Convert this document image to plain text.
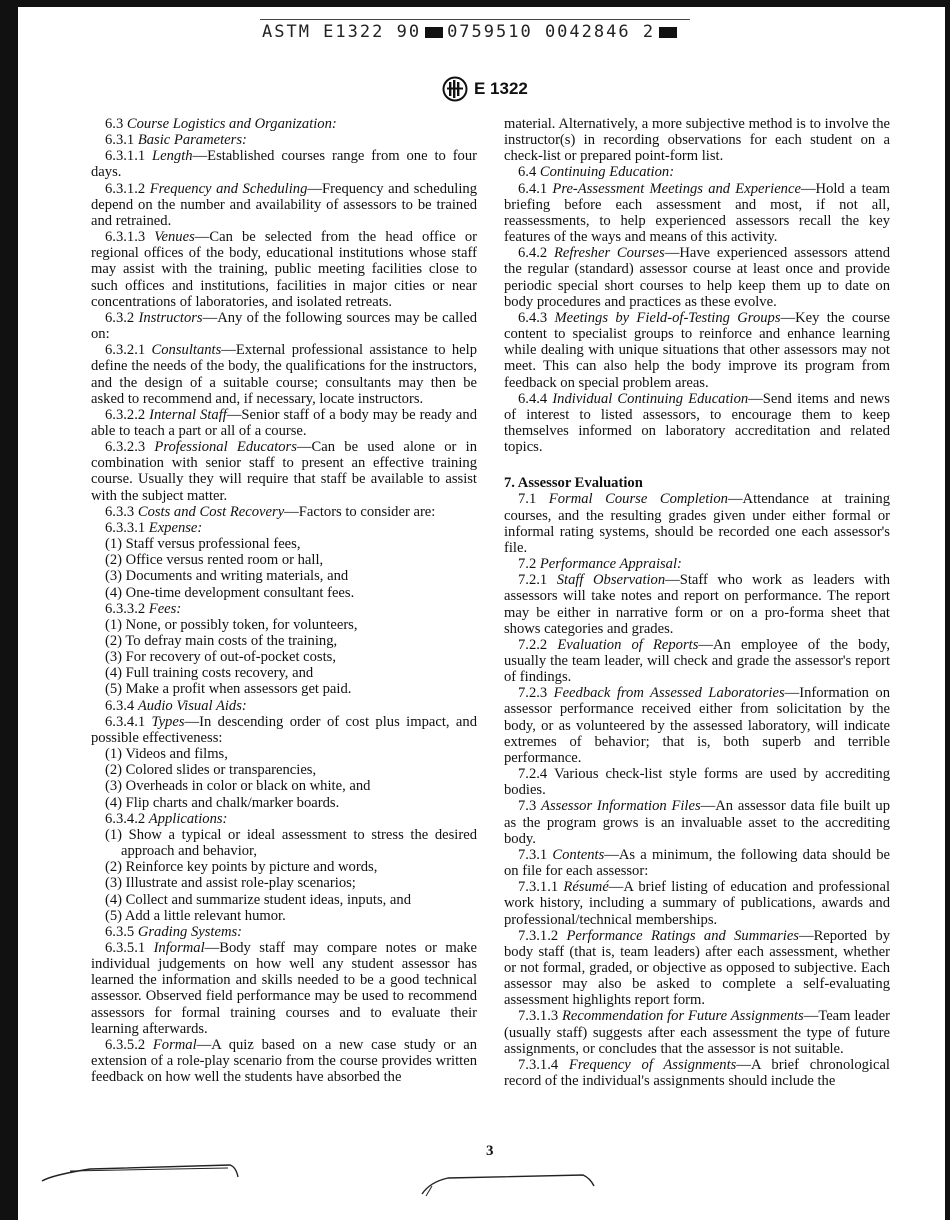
ASTM E1322 90 0759510 0042846 2
E 1322

6.3 Course Logistics and Organization:

6.3.1 Basic Parameters:

6.3.1.1 Length—Established courses range from one to four days.

6.3.1.2 Frequency and Scheduling—Frequency and scheduling depend on the number and availability of assessors to be trained and retrained.

6.3.1.3 Venues—Can be selected from the head office or regional offices of the body, educational institutions whose staff may assist with the training, public meeting facilities close to such offices and institutions, facilities in major cities or near concentrations of laboratories, and isolated retreats.

6.3.2 Instructors—Any of the following sources may be called on:

6.3.2.1 Consultants—External professional assistance to help define the needs of the body, the qualifications for the instructors, and the design of a suitable course; consultants may then be asked to recommend and, if necessary, locate instructors.

6.3.2.2 Internal Staff—Senior staff of a body may be ready and able to teach a part or all of a course.

6.3.2.3 Professional Educators—Can be used alone or in combination with senior staff to present an effective training course. Usually they will require that staff be available to assist with the subject matter.

6.3.3 Costs and Cost Recovery—Factors to consider are:

6.3.3.1 Expense:

(1) Staff versus professional fees,

(2) Office versus rented room or hall,

(3) Documents and writing materials, and

(4) One-time development consultant fees.

6.3.3.2 Fees:

(1) None, or possibly token, for volunteers,

(2) To defray main costs of the training,

(3) For recovery of out-of-pocket costs,

(4) Full training costs recovery, and

(5) Make a profit when assessors get paid.

6.3.4 Audio Visual Aids:

6.3.4.1 Types—In descending order of cost plus impact, and possible effectiveness:

(1) Videos and films,

(2) Colored slides or transparencies,

(3) Overheads in color or black on white, and

(4) Flip charts and chalk/marker boards.

6.3.4.2 Applications:

(1) Show a typical or ideal assessment to stress the desired approach and behavior,

(2) Reinforce key points by picture and words,

(3) Illustrate and assist role-play scenarios;

(4) Collect and summarize student ideas, inputs, and

(5) Add a little relevant humor.

6.3.5 Grading Systems:

6.3.5.1 Informal—Body staff may compare notes or make individual judgements on how well any student assessor has learned the information and skills needed to be a good technical assessor. Observed field performance may be used to recommend assessors for formal training courses and to evaluate their learning afterwards.

6.3.5.2 Formal—A quiz based on a new case study or an extension of a role-play scenario from the course provides written feedback on how well the students have absorbed the

material. Alternatively, a more subjective method is to involve the instructor(s) in recording observations for each student on a check-list or prepared point-form list.

6.4 Continuing Education:

6.4.1 Pre-Assessment Meetings and Experience—Hold a team briefing before each assessment and most, if not all, reassessments, to help experienced assessors recall the key features of the ways and means of this activity.

6.4.2 Refresher Courses—Have experienced assessors attend the regular (standard) assessor course at least once and provide periodic special short courses to help keep them up to date on body procedures and practices as these evolve.

6.4.3 Meetings by Field-of-Testing Groups—Key the course content to specialist groups to reinforce and enhance learning while dealing with unique situations that other assessors may not meet. This can also help the body improve its program from feedback on special problem areas.

6.4.4 Individual Continuing Education—Send items and news of interest to listed assessors, to encourage them to keep themselves informed on laboratory accreditation and related topics.

7. Assessor Evaluation

7.1 Formal Course Completion—Attendance at training courses, and the resulting grades given under either formal or informal rating systems, should be recorded one each assessor's file.

7.2 Performance Appraisal:

7.2.1 Staff Observation—Staff who work as leaders with assessors will take notes and report on performance. The report may be either in narrative form or on a pro-forma sheet that shows categories and grades.

7.2.2 Evaluation of Reports—An employee of the body, usually the team leader, will check and grade the assessor's report of findings.

7.2.3 Feedback from Assessed Laboratories—Information on assessor performance received either from solicitation by the body, or as volunteered by the assessed laboratory, will indicate extremes of behavior; that is, both superb and terrible performance.

7.2.4 Various check-list style forms are used by accrediting bodies.

7.3 Assessor Information Files—An assessor data file built up as the program grows is an invaluable asset to the accrediting body.

7.3.1 Contents—As a minimum, the following data should be on file for each assessor:

7.3.1.1 Résumé—A brief listing of education and professional work history, including a summary of publications, awards and professional/technical memberships.

7.3.1.2 Performance Ratings and Summaries—Reported by body staff (that is, team leaders) after each assessment, whether or not formal, graded, or objective as opposed to subjective. Each assessor may also be asked to complete a self-evaluating assessment highlights report form.

7.3.1.3 Recommendation for Future Assignments—Team leader (usually staff) suggests after each assessment the type of future assignments, or concludes that the assessor is not suitable.

7.3.1.4 Frequency of Assignments—A brief chronological record of the individual's assignments should include the

3
